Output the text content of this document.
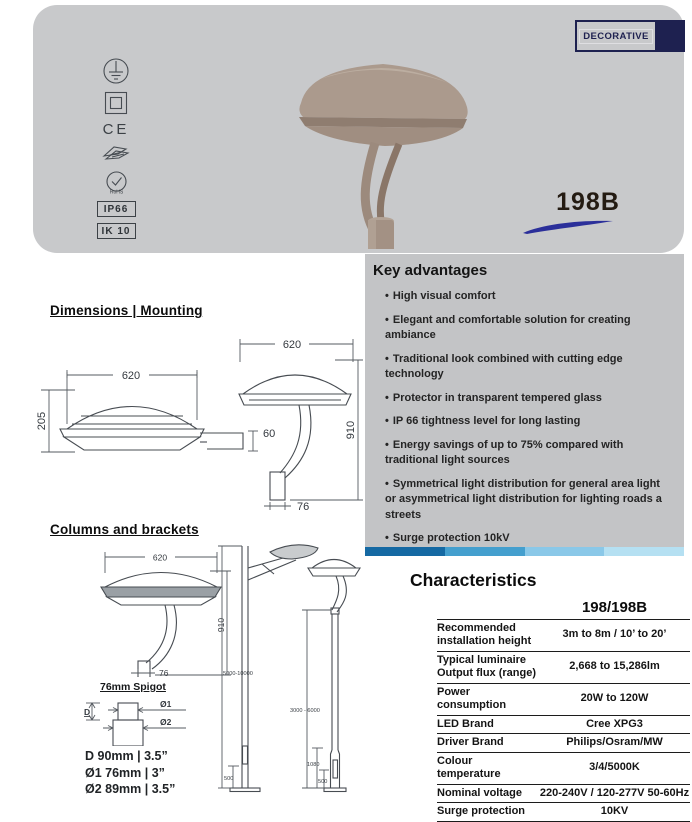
CE
RoHS
IP66
IK 10
DECORATIVE
198B
Key advantages
• High visual comfort
• Elegant and comfortable solution for creating ambiance
• Traditional look combined with cutting edge technology
• Protector in transparent tempered glass
• IP 66 tightness level for long lasting
• Energy savings of up to 75% compared with traditional light sources
• Symmetrical light distribution for general area light or asymmetrical light distribution for lighting roads a streets
• Surge protection 10kV
Dimensions | Mounting
620
205
60
620
910
76
Columns and brackets
620
910
76
76mm Spigot
D
Ø1
Ø2
D 90mm | 3.5”
Ø1 76mm | 3”
Ø2 89mm | 3.5”
5000-10000
500
3000 - 6000
1080
500
Characteristics
	198/198B
Recommended installation height	3m to 8m / 10’ to 20’
Typical luminaire Output flux (range)	2,668 to 15,286lm
Power consumption	20W to 120W
LED Brand	Cree XPG3
Driver Brand	Philips/Osram/MW
Colour temperature	3/4/5000K
Nominal voltage	220-240V / 120-277V 50-60Hz
Surge protection	10KV
